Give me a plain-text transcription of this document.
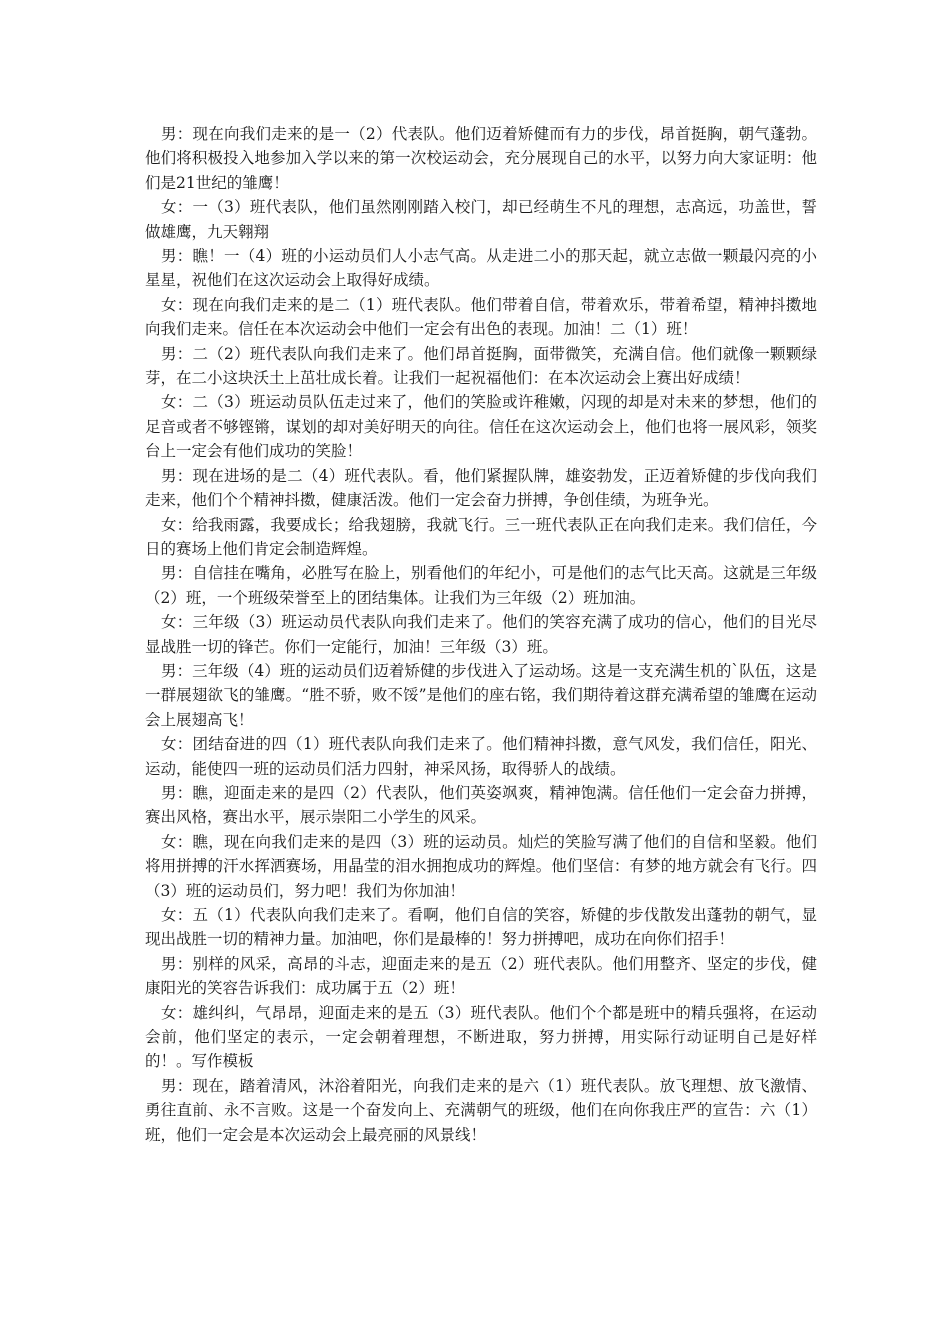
男：现在向我们走来的是一（2）代表队。他们迈着矫健而有力的步伐，昂首挺胸，朝气蓬勃。他们将积极投入地参加入学以来的第一次校运动会，充分展现自己的水平，以努力向大家证明：他们是21世纪的雏鹰！

女：一（3）班代表队，他们虽然刚刚踏入校门，却已经萌生不凡的理想，志高远，功盖世，誓做雄鹰，九天翱翔

男：瞧！一（4）班的小运动员们人小志气高。从走进二小的那天起，就立志做一颗最闪亮的小星星，祝他们在这次运动会上取得好成绩。

女：现在向我们走来的是二（1）班代表队。他们带着自信，带着欢乐，带着希望，精神抖擞地向我们走来。信任在本次运动会中他们一定会有出色的表现。加油！二（1）班！

男：二（2）班代表队向我们走来了。他们昂首挺胸，面带微笑，充满自信。他们就像一颗颗绿芽，在二小这块沃土上茁壮成长着。让我们一起祝福他们：在本次运动会上赛出好成绩！

女：二（3）班运动员队伍走过来了，他们的笑脸或许稚嫩，闪现的却是对未来的梦想，他们的足音或者不够铿锵，谋划的却对美好明天的向往。信任在这次运动会上，他们也将一展风彩，领奖台上一定会有他们成功的笑脸！

男：现在进场的是二（4）班代表队。看，他们紧握队牌，雄姿勃发，正迈着矫健的步伐向我们走来，他们个个精神抖擞，健康活泼。他们一定会奋力拼搏，争创佳绩，为班争光。

女：给我雨露，我要成长；给我翅膀，我就飞行。三一班代表队正在向我们走来。我们信任，今日的赛场上他们肯定会制造辉煌。

男：自信挂在嘴角，必胜写在脸上，别看他们的年纪小，可是他们的志气比天高。这就是三年级（2）班，一个班级荣誉至上的团结集体。让我们为三年级（2）班加油。

女：三年级（3）班运动员代表队向我们走来了。他们的笑容充满了成功的信心，他们的目光尽显战胜一切的锋芒。你们一定能行，加油！三年级（3）班。

男：三年级（4）班的运动员们迈着矫健的步伐进入了运动场。这是一支充满生机的`队伍，这是一群展翅欲飞的雏鹰。“胜不骄，败不馁”是他们的座右铭，我们期待着这群充满希望的雏鹰在运动会上展翅高飞！

女：团结奋进的四（1）班代表队向我们走来了。他们精神抖擞，意气风发，我们信任，阳光、运动，能使四一班的运动员们活力四射，神采风扬，取得骄人的战绩。

男：瞧，迎面走来的是四（2）代表队，他们英姿飒爽，精神饱满。信任他们一定会奋力拼搏，赛出风格，赛出水平，展示崇阳二小学生的风采。

女：瞧，现在向我们走来的是四（3）班的运动员。灿烂的笑脸写满了他们的自信和坚毅。他们将用拼搏的汗水挥洒赛场，用晶莹的泪水拥抱成功的辉煌。他们坚信：有梦的地方就会有飞行。四（3）班的运动员们，努力吧！我们为你加油！

女：五（1）代表队向我们走来了。看啊，他们自信的笑容，矫健的步伐散发出蓬勃的朝气，显现出战胜一切的精神力量。加油吧，你们是最棒的！努力拼搏吧，成功在向你们招手！

男：别样的风采，高昂的斗志，迎面走来的是五（2）班代表队。他们用整齐、坚定的步伐，健康阳光的笑容告诉我们：成功属于五（2）班！

女：雄纠纠，气昂昂，迎面走来的是五（3）班代表队。他们个个都是班中的精兵强将，在运动会前，他们坚定的表示，一定会朝着理想，不断进取，努力拼搏，用实际行动证明自己是好样的！。写作模板

男：现在，踏着清风，沐浴着阳光，向我们走来的是六（1）班代表队。放飞理想、放飞激情、勇往直前、永不言败。这是一个奋发向上、充满朝气的班级，他们在向你我庄严的宣告：六（1）班，他们一定会是本次运动会上最亮丽的风景线！
